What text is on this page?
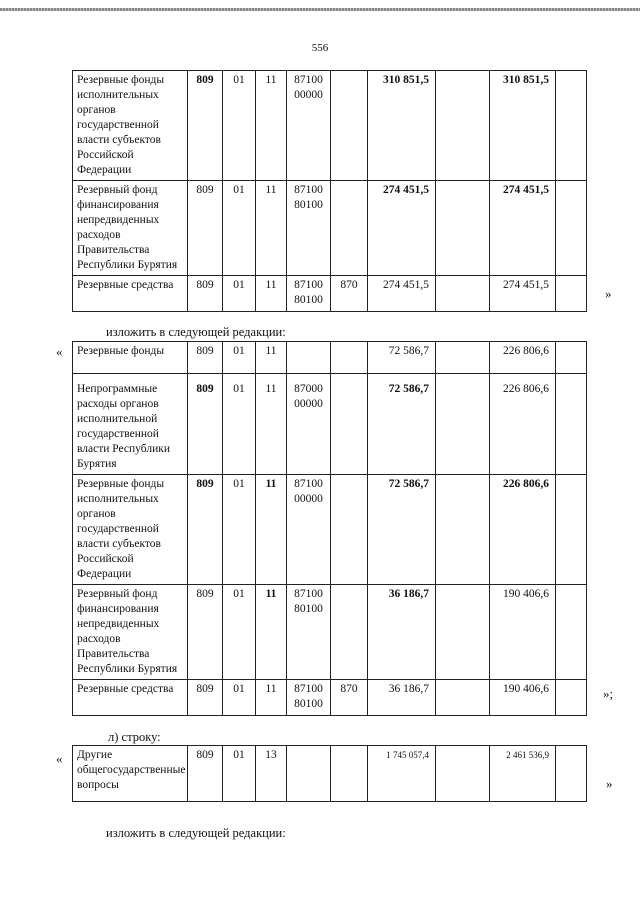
556
Резервные фонды исполнительных органов государственной власти субъектов Российской Федерации	809	01	11	87100 00000		310 851,5		310 851,5	
Резервный фонд финансирования непредвиденных расходов Правительства Республики Бурятия	809	01	11	87100 80100		274 451,5		274 451,5	
Резервные средства	809	01	11	87100 80100	870	274 451,5		274 451,5	
»
изложить в следующей редакции:
« Резервные фонды	809	01	11			72 586,7		226 806,6	
Непрограммные расходы органов исполнительной государственной власти Республики Бурятия	809	01	11	87000 00000		72 586,7		226 806,6	
Резервные фонды исполнительных органов государственной власти субъектов Российской Федерации	809	01	11	87100 00000		72 586,7		226 806,6	
Резервный фонд финансирования непредвиденных расходов Правительства Республики Бурятия	809	01	11	87100 80100		36 186,7		190 406,6	
Резервные средства	809	01	11	87100 80100	870	36 186,7		190 406,6		»;
л) строку:
« Другие общегосударственные вопросы	809	01	13			1 745 057,4		2 461 536,9	
»
изложить в следующей редакции:
